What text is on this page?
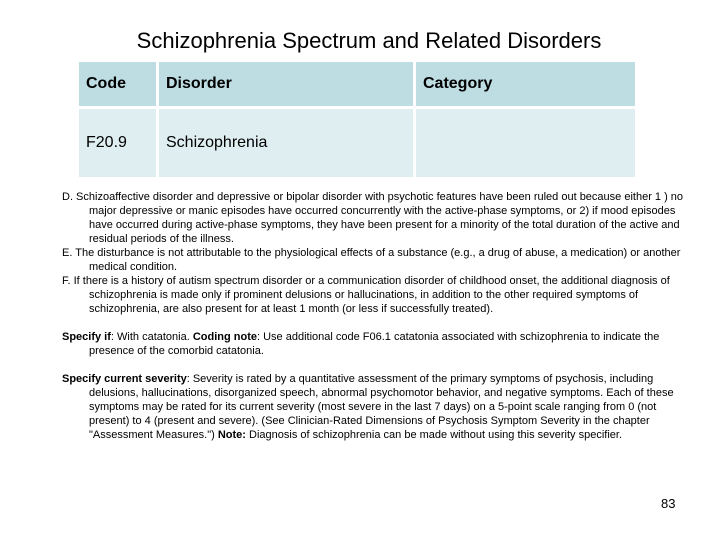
Schizophrenia Spectrum and Related Disorders
Code	Disorder	Category
F20.9	Schizophrenia	

D. Schizoaffective disorder and depressive or bipolar disorder with psychotic features have been ruled out because either 1 ) no major depressive or manic episodes have occurred concurrently with the active-phase symptoms, or 2) if mood episodes have occurred during active-phase symptoms, they have been present for a minority of the total duration of the active and residual periods of the illness.

E. The disturbance is not attributable to the physiological effects of a substance (e.g., a drug of abuse, a medication) or another medical condition.

F. If there is a history of autism spectrum disorder or a communication disorder of childhood onset, the additional diagnosis of schizophrenia is made only if prominent delusions or hallucinations, in addition to the other required symptoms of schizophrenia, are also present for at least 1 month (or less if successfully treated).

Specify if: With catatonia. Coding note: Use additional code F06.1 catatonia associated with schizophrenia to indicate the presence of the comorbid catatonia.

Specify current severity: Severity is rated by a quantitative assessment of the primary symptoms of psychosis, including delusions, hallucinations, disorganized speech, abnormal psychomotor behavior, and negative symptoms. Each of these symptoms may be rated for its current severity (most severe in the last 7 days) on a 5-point scale ranging from 0 (not present) to 4 (present and severe). (See Clinician-Rated Dimensions of Psychosis Symptom Severity in the chapter "Assessment Measures.") Note: Diagnosis of schizophrenia can be made without using this severity specifier.

83
